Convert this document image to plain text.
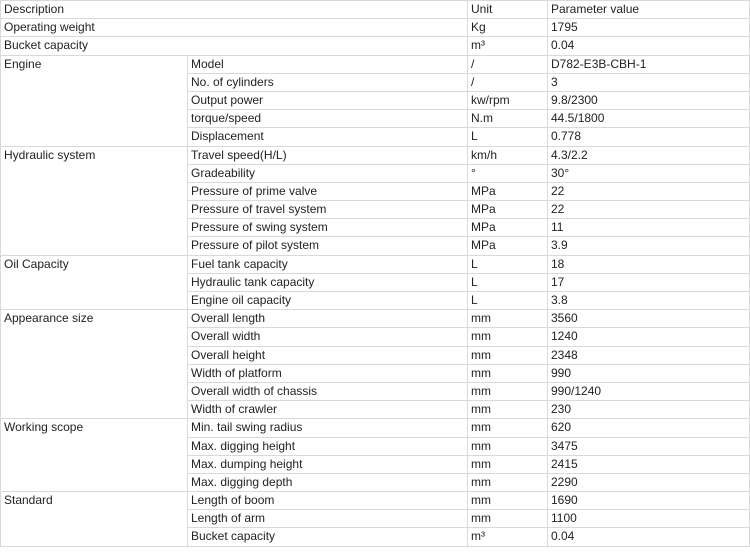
Description		Unit	Parameter value
Operating weight		Kg	1795
Bucket capacity		m³	0.04
Engine	Model	/	D782-E3B-CBH-1
	No. of cylinders	/	3
	Output power	kw/rpm	9.8/2300
	torque/speed	N.m	44.5/1800
	Displacement	L	0.778
Hydraulic system	Travel speed(H/L)	km/h	4.3/2.2
	Gradeability	°	30°
	Pressure of prime valve	MPa	22
	Pressure of travel system	MPa	22
	Pressure of swing system	MPa	11
	Pressure of pilot system	MPa	3.9
Oil Capacity	Fuel tank capacity	L	18
	Hydraulic tank capacity	L	17
	Engine oil capacity	L	3.8
Appearance size	Overall length	mm	3560
	Overall width	mm	1240
	Overall height	mm	2348
	Width of platform	mm	990
	Overall width of chassis	mm	990/1240
	Width of crawler	mm	230
Working scope	Min. tail swing radius	mm	620
	Max. digging height	mm	3475
	Max. dumping height	mm	2415
	Max. digging depth	mm	2290
Standard	Length of boom	mm	1690
	Length of arm	mm	1100
	Bucket capacity	m³	0.04
